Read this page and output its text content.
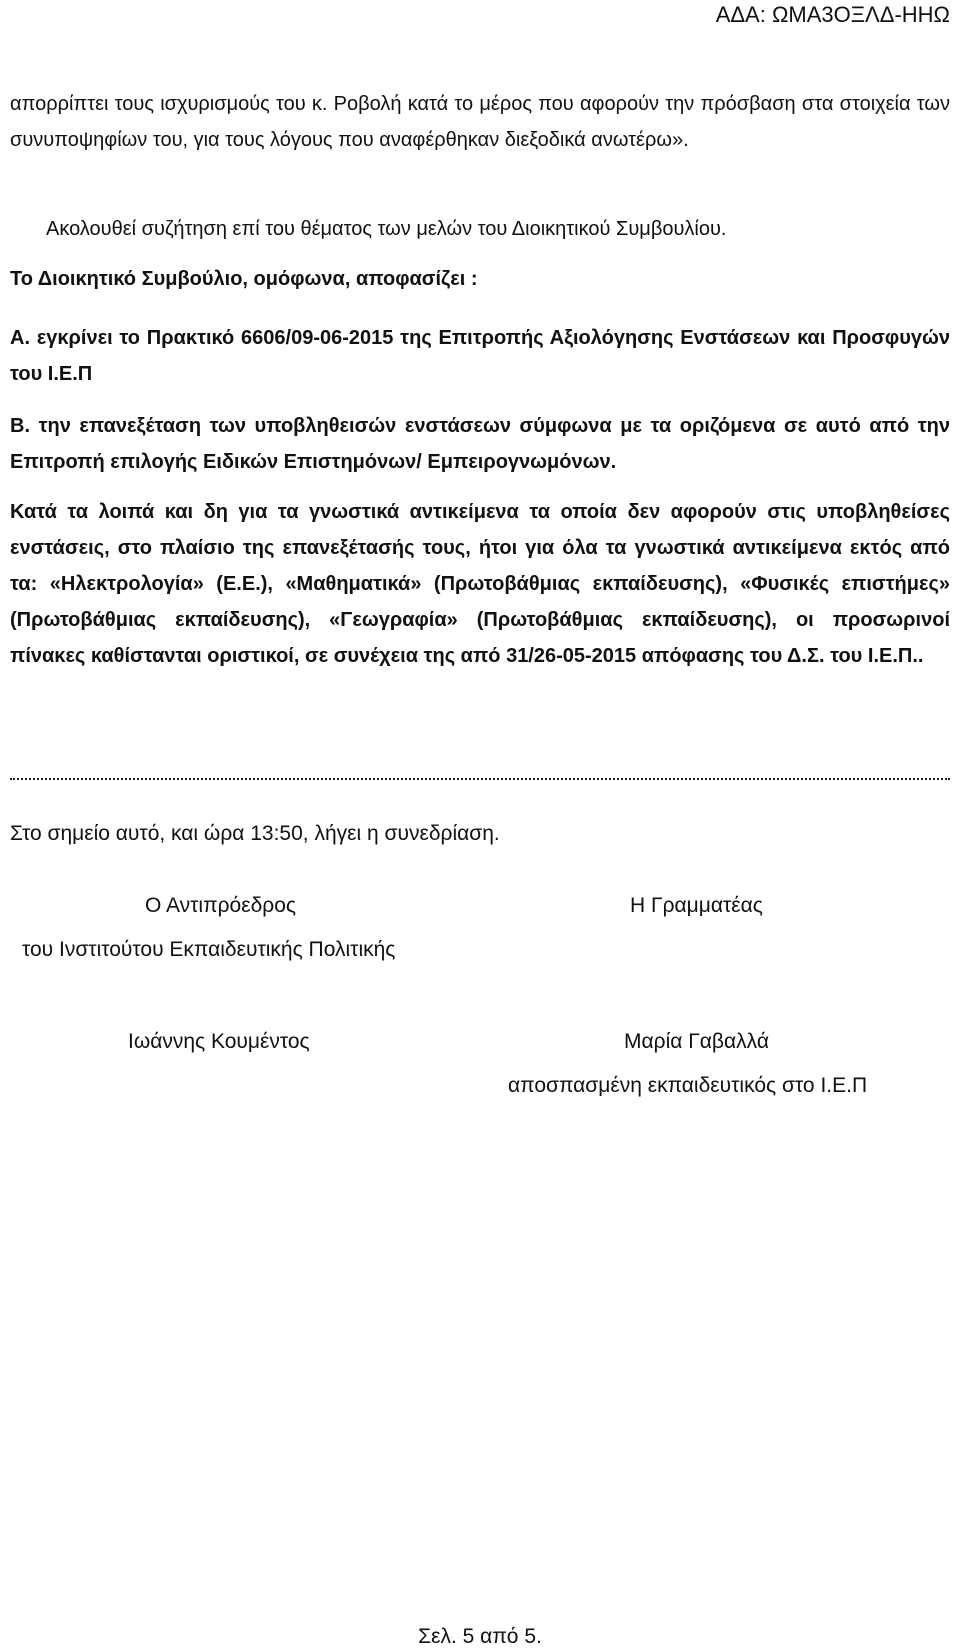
ΑΔΑ: ΩΜΑ3ΟΞΛΔ-ΗΗΩ
απορρίπτει τους ισχυρισμούς του κ. Ροβολή κατά το μέρος που αφορούν την πρόσβαση στα στοιχεία των συνυποψηφίων του, για τους λόγους που αναφέρθηκαν διεξοδικά ανωτέρω».
Ακολουθεί συζήτηση επί του θέματος των μελών του Διοικητικού Συμβουλίου.
Το Διοικητικό Συμβούλιο, ομόφωνα, αποφασίζει :
Α. εγκρίνει το Πρακτικό 6606/09-06-2015 της Επιτροπής Αξιολόγησης Ενστάσεων και Προσφυγών του Ι.Ε.Π
Β. την επανεξέταση των υποβληθεισών ενστάσεων σύμφωνα με τα οριζόμενα σε αυτό από την Επιτροπή επιλογής Ειδικών Επιστημόνων/ Εμπειρογνωμόνων.
Κατά τα λοιπά και δη για τα γνωστικά αντικείμενα τα οποία δεν αφορούν στις υποβληθείσες ενστάσεις, στο πλαίσιο της επανεξέτασής τους, ήτοι για όλα τα γνωστικά αντικείμενα εκτός από τα: «Ηλεκτρολογία» (Ε.Ε.), «Μαθηματικά» (Πρωτοβάθμιας εκπαίδευσης), «Φυσικές επιστήμες» (Πρωτοβάθμιας εκπαίδευσης), «Γεωγραφία» (Πρωτοβάθμιας εκπαίδευσης), οι προσωρινοί πίνακες καθίστανται οριστικοί, σε συνέχεια της από 31/26-05-2015 απόφασης του Δ.Σ. του Ι.Ε.Π..
Στο σημείο αυτό, και ώρα 13:50, λήγει η συνεδρίαση.
Ο Αντιπρόεδρος
του Ινστιτούτου Εκπαιδευτικής Πολιτικής
Ιωάννης Κουμέντος
Η Γραμματέας
Μαρία Γαβαλλά
αποσπασμένη εκπαιδευτικός στο Ι.Ε.Π
Σελ. 5 από 5.
